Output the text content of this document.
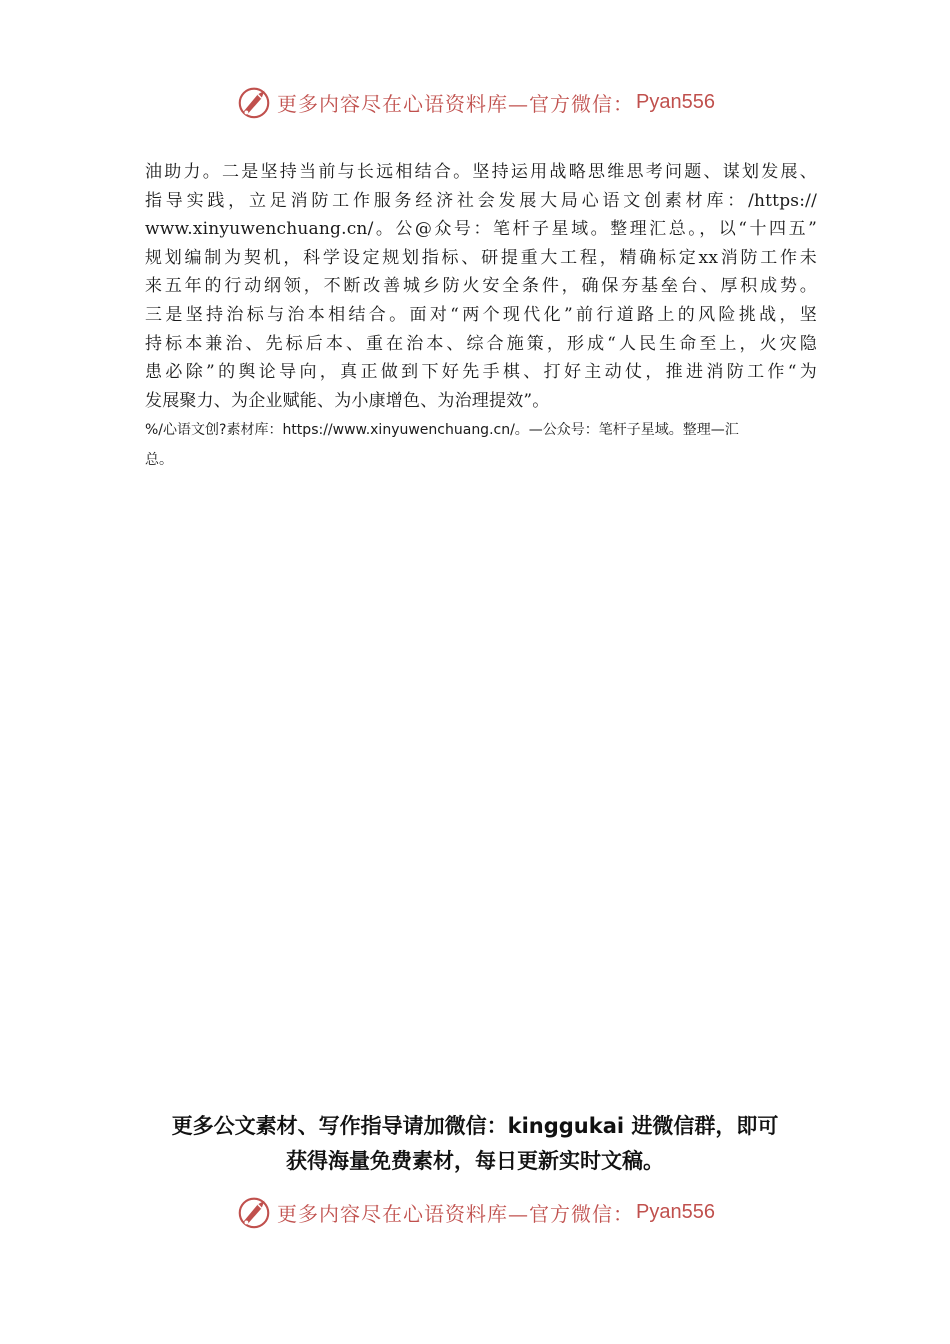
更多内容尽在心语资料库—官方微信： Pyan556
油助力。二是坚持当前与长远相结合。坚持运用战略思维思考问题、谋划发展、
指导实践，立足消防工作服务经济社会发展大局心语文创素材库：/https://
www.xinyuwenchuang.cn/。公@众号：笔杆子星域。整理汇总。，以“十四五”
规划编制为契机，科学设定规划指标、研提重大工程，精确标定xx消防工作未
来五年的行动纲领，不断改善城乡防火安全条件，确保夯基垒台、厚积成势。
三是坚持治标与治本相结合。面对“两个现代化”前行道路上的风险挑战，坚
持标本兼治、先标后本、重在治本、综合施策，形成“人民生命至上，火灾隐
患必除”的舆论导向，真正做到下好先手棋、打好主动仗，推进消防工作“为
发展聚力、为企业赋能、为小康增色、为治理提效”。
%/心语文创?素材库：https://www.xinyuwenchuang.cn/。—公众号：笔杆子星域。整理—汇
总。
更多公文素材、写作指导请加微信：kinggukai 进微信群，即可
获得海量免费素材，每日更新实时文稿。
更多内容尽在心语资料库—官方微信： Pyan556
